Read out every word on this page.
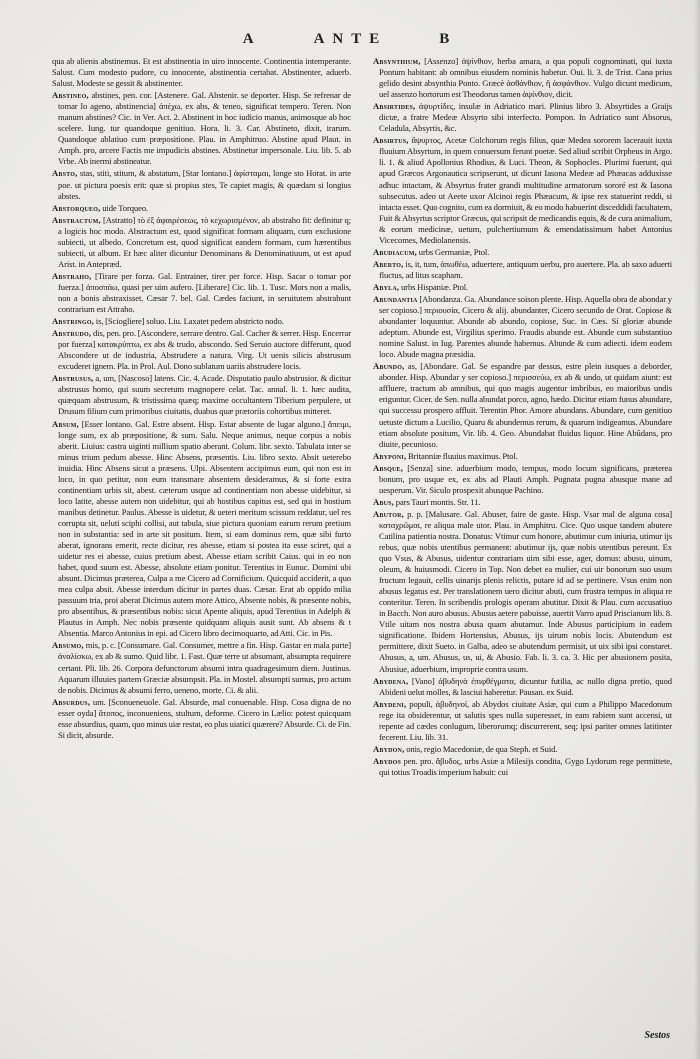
A	ANTE	B

qua ab alienis abstinemus. Et est abstinentia in uiro innocente. Continentia intemperante. Salust. Cum modesto pudore, cu innocente, abstinentia certabat. Abstinenter, aduerb. Salust. Modeste se gessit & abstinenter.

Abstineo, abstines, pen. cor. [Astenere. Gal. Abstenir. se deporter. Hisp. Se refrenar de tomar lo ageno, abstinencia] ἀπέχω, ex abs, & teneo, significat tempero. Teren. Non manum abstines? Cic. in Ver. Act. 2. Abstinent in hoc iudicio manus, animosque ab hoc scelere. Iung. tur quandoque genitiuo. Hora. li. 3. Car. Abstineto, dixit, irarum. Quandoque ablatiuo cum præpositione. Plau. in Amphitruo. Abstine apud Plaut. in Amph. pro, arcere Factis me impudicis abstines. Abstinetur impersonale. Liu. lib. 5. ab Vrbe. Ab inermi abstineatur.

Absto, stas, stiti, stitum, & abstatum, [Star lontano.] ἀφίσταμαι, longe sto Horat. in arte poe. ut pictura poesis erit: quæ si propius stes, Te capiet magis, & quædam si longius abstes.

Abstorqueo, uide Torqueo.

Abstractum, [Astratto] τὸ ἐξ ἀφαιρέσεως, τὸ κεχωρισμένον, ab abstraho fit: definitur q; a logicis hoc modo. Abstractum est, quod significat formam aliquam, cum exclusione subiecti, ut albedo. Concretum est, quod significat eandem formam, cum hærentibus subiecti, ut album. Et hæc aliter dicuntur Denominans & Denominatiuum, ut est apud Arist. in Antepræd.

Abstraho, [Tirare per forza. Gal. Entrainer, tirer per force. Hisp. Sacar o tomar por fuerza.] ἀποσπάω, quasi per uim aufero. [Liberare] Cic. lib. 1. Tusc. Mors non a malis, non a bonis abstraxisset. Cæsar 7. bel. Gal. Cædes faciunt, in seruitutem abstrahunt contrarium est Attraho.

Abstringo, is, [Sciogliere] soluo. Liu. Laxatet pedem abstricto nodo.

Abstrudo, dis, pen. pro. [Ascondere, serrare dentro. Gal. Cacher & serrer. Hisp. Encerrar por fuerza] κατακρύπτω, ex abs & trudo, abscondo. Sed Seruio auctore differunt, quod Abscondere ut de industria, Abstrudere a natura. Virg. Ut uenis silicis abstrusum excuderet ignem. Pla. in Prol. Aul. Dono sublatum uariis abstrudere locis.

Abstrusus, a, um, [Nascoso] latens. Cic. 4. Acade. Disputatio paulo abstrusior. & dicitur abstrusus homo, qui suum secretum magnopere celat. Tac. annal. li. 1. hæc audita, quæquam abstrusum, & tristissima quæq; maxime occultantem Tiberium perpulere, ut Drusum filium cum primoribus ciuitatis, duabus quæ prætoriis cohortibus mitteret.

Absum, [Esser lontano. Gal. Estre absent. Hisp. Estar absente de lugar alguno.] ἄπειμι, longe sum, ex ab præpositione, & sum. Salu. Neque animus, neque corpus a nobis aberit. Liuius: castra uiginti millium spatio aberant. Colum. libr. sexto. Tabulata inter se minus trium pedum abesse. Hinc Absens, præsentis. Liu. libro sexto. Absit ueterebo inuidia. Hinc Absens sicut a præsens. Ulpi. Absentem accipimus eum, qui non est in loco, in quo petitur, non eum transmare absentem desideramus, & si forte extra continentiam urbis sit, abest. cæterum usque ad continentiam non abesse uidebitur, si loco latite, abesse autem non uidebitur, qui ab hostibus capitus est, sed qui in hostium manibus detinetur. Paulus. Abesse is uidetur, & ueteri meritum scissum reddatur, uel res corrupta sit, ueluti sciphi collisi, aut tabula, siue pictura quoniam earum rerum pretium non in substantia: sed in arte sit positum. Item, si eam dominus rem, quæ sibi furto aberat, ignorans emerit, recte dicitur, res abesse, etiam si postea ita esse sciret, qui a uidetur res ei abesse, cuius pretium abest. Abesse etiam scribit Caius. qui in eo non habet, quod suum est. Abesse, absolute etiam ponitur. Terentius in Eunuc. Domini ubi absunt. Dicimus præterea, Culpa a me Cicero ad Cornificium. Quicquid acciderit, a quo mea culpa absit. Abesse interdum dicitur in partes duas. Cæsar. Erat ab oppido milia passuum tria, proi aberat Dicimus autem more Attico, Absente nobis, & præsente nobis, pro absentibus, & præsentibus nobis: sicut Apente aliquis, apud Terentius in Adelph & Plautus in Amph. Nec nobis præsente quidquam aliquis ausit sunt. Ab absens & t Absentia. Marco Antonius in epi. ad Cicero libro decimoquarto, ad Atti. Cic. in Pis.

Absumo, mis, p. c. [Consumare. Gal. Consumer, mettre a fin. Hisp. Gastar en mala parte] ἀναλίσκω, ex ab & sumo. Quid libr. 1. Fast. Quæ terre ut absumant, absumpta requirere certant. Pli. lib. 26. Corpora defunctorum absumi intra quadragesimum diem. Justinus. Aquarum illuuies partem Græciæ absumpsit. Pla. in Mostel. absumpti sumus, pro actum de nobis. Dicimus & absumi ferro, ueneno, morte. Ci. & alii.

Absurdus, um. [Sconueneuole. Gal. Absurde, mal conuenable. Hisp. Cosa digna de no esser oyda] ἄτοπος, inconueniens, stultum, deforme. Cicero in Lælio: potest quicquam esse absurdius, quam, quo minus uiæ restat, eo plus uiatici quærere? Absurde. Ci. de Fin. Si dicit, absurde.

Absynthium, [Assenzo] ἀψίνθιον, herba amara, a qua populi cognominati, qui iuxta Pontum habitant: ab omnibus eiusdem nominis habetur. Oui. li. 3. de Trist. Cana prius gelido desint absynthia Ponto. Græcè ἀσθάνθιον, ἢ ἀσφάνθιον. Vulgo dicunt medicum, uel assenzo hortorum est Theodorus tamen ἀψίνθιον, dicit.

Absirtides, ἀψυρτίδες, insulæ in Adriatico mari. Plinius libro 3. Absyrtides a Graijs dictæ, a fratre Medeæ Absyrto sibi interfecto. Pompon. In Adriatico sunt Absorus, Celadula, Absyrtis, &c.

Absirtus, ἄψυρτος, Acetæ Colchorum regis filius, quæ Medea sororem lacerauit iuxta fluuium Absyrtum, in quem conuersum ferunt poetæ. Sed aliud scribit Orpheus in Argo. li. 1. & aliud Apollonius Rhodius, & Luci. Theon, & Sophocles. Plurimi fuerunt, qui apud Græcos Argonautica scripserunt, ut dicunt Iasona Medeæ ad Phæacas adduxisse adhuc intactam, & Absyrtus frater grandi multitudine armatorum sororé est & Iasona subsecutus. adeo ut Aeete uxor Alcinoi regis Phæacum, & ipse rex statuerint reddi, si intacta esset. Quo cognito, cum ea dormiuit, & eo modo habuerint disceddidi facultatem, Fuit & Absyrtus scriptor Græcus, qui scripsit de medicandis equis, & de cura animalium, & eorum medicinæ, uetum, pulchertiumum & emendatissimum habet Antonius Vicecomes, Mediolanensis.

✲ Abudiacum, urbs Germaniæ, Ptol.

Aberto, is, it, tum, ἀπωθέω, aduertere, antiquum uerbu, pro auertere. Pla. ab saxo aduerti fluctus, ad litus scapham.

✲ Abyla, urbs Hispaniæ. Ptol.

Abundantia [Abondanza. Ga. Abundance soison plente. Hisp. Aquella obra de abondar y ser copioso.] περιουσία, Cicero & alij. abundanter, Cicero secundo de Orat. Copiose & abundanter loquuntur. Abunde ab abundo, copiose, Suc. in Cæs. Sí gloriæ abunde adeptum. Abunde est, Virgilius sperimo. Fraudis abunde est. Abunde cum substantiuo nomine Salust. in Iug. Parentes abunde habemus. Abunde & cum adiecti. idem eodem loco. Abude magna præsidia.

Abundo, as, [Abondare. Gal. Se espandre par dessus, estre plein iusques a deborder, abonder. Hisp. Abundar y ser copioso.] περισσεύω, ex ab & undo, ut quidam aiunt: est affluere, tractum ab amnibus, qui quo magis augentur imbribus, eo maioribus undis eriguntur. Cicer. de Sen. nulla abundat porco, agno, hædo. Dicitur etiam funus abundare, qui successu prospero affluit. Terentin Phor. Amore abundans. Abundare, cum genitiuo uetuste dictum a Lucilio, Quaru & abundemus rerum, & quarum indigeamus. Abundare etiam absolute positum, Vir. lib. 4. Geo. Abundabat fluidus liquor. Hine Abûdans, pro diuite, pecunioso.

✲ Abyponi, Britanniæ fluuius maximus. Ptol.

Absque, [Senza] sine. aduerbium modo, tempus, modo locum significans, præterea bonum, pro usque ex, ex abs ad Plauti Amph. Pugnata pugna abusque mane ad uesperum. Vir. Siculo prospexit abusque Pachino.

✲ Abus, pars Tauri montis. Str. 11.

Abutor, p. p. [Malusare. Gal. Abuser, faire de gaste. Hisp. Vsar mal de alguna cosa] καταχρῶμαι, re aliqua male utor. Plau. in Amphitru. Cice. Quo usque tandem abutere Catilina patientia nostra. Donatus: Vtimur cum honore, abutimur cum iniuria, utimur ijs rebus, quæ nobis utentibus permanent: abutimur ijs, quæ nobis utentibus pereunt. Ex quo Vsus, & Abusus, uidentur contrariam uim sibi esse, ager, domus: abusu, uinum, oleum, & huiusmodi. Cicero in Top. Non debet ea mulier, cui uir bonorum suo usum fructum legauit, cellis uinarijs plenis relictis, putare id ad se pertinere. Vsus enim non abusus legatus est. Per translationem uero dicitur abuti, cum frustra tempus in aliqua re conteritur. Teren. In scribendis prologis operam abutitur. Dixit & Plau. cum accusatiuo in Bacch. Non auro abusus. Abusus aetere pabuisse, auertit Varro apud Priscianum lib. 8. Vtile uitam nos nostra abusa quam abutamur. Inde Abusus participium in eadem significatione. Ibidem Hortensius, Abusus, ijs uirum nobis locis. Abutendum est permittere, dixit Sueto. in Galba, adeo se abutendum permisit, ut uix sibi ipsi constaret. Abusus, a, um. Abusus, us, ui, & Abusio. Fab. li. 3. ca. 3. Hic per abusionem posita, Abusiue, aduerbium, improprie contra usum.

Abydena, [Vano] ἀβυδηνὰ ἐπιφθέγματα, dicuntur futilia, ac nullo digna pretio, quod Abideni uelut molles, & lasciui haberetur. Pausan. ex Suid.

Abydeni, populi, ἀβυδηνοί, ab Abydos ciuitate Asiæ, qui cum a Philippo Macedonum rege ita obsiderentur, ut salutis spes nulla superesset, in eam rabiem sunt accensi, ut repente ad cædes conlugum, liberorumq; discurrerent, seq; ipsi pariter omnes latitinter fecerent. Liu. lib. 31.

✲ Abydon, onis, regio Macedoniæ, de qua Steph. et Suid.

Abydos pen. pro. ἄβυδος, urbs Asiæ a Milesijs condita, Gygo Lydorum rege permittete, qui totius Troadis imperium habuit: cui

Sestos
